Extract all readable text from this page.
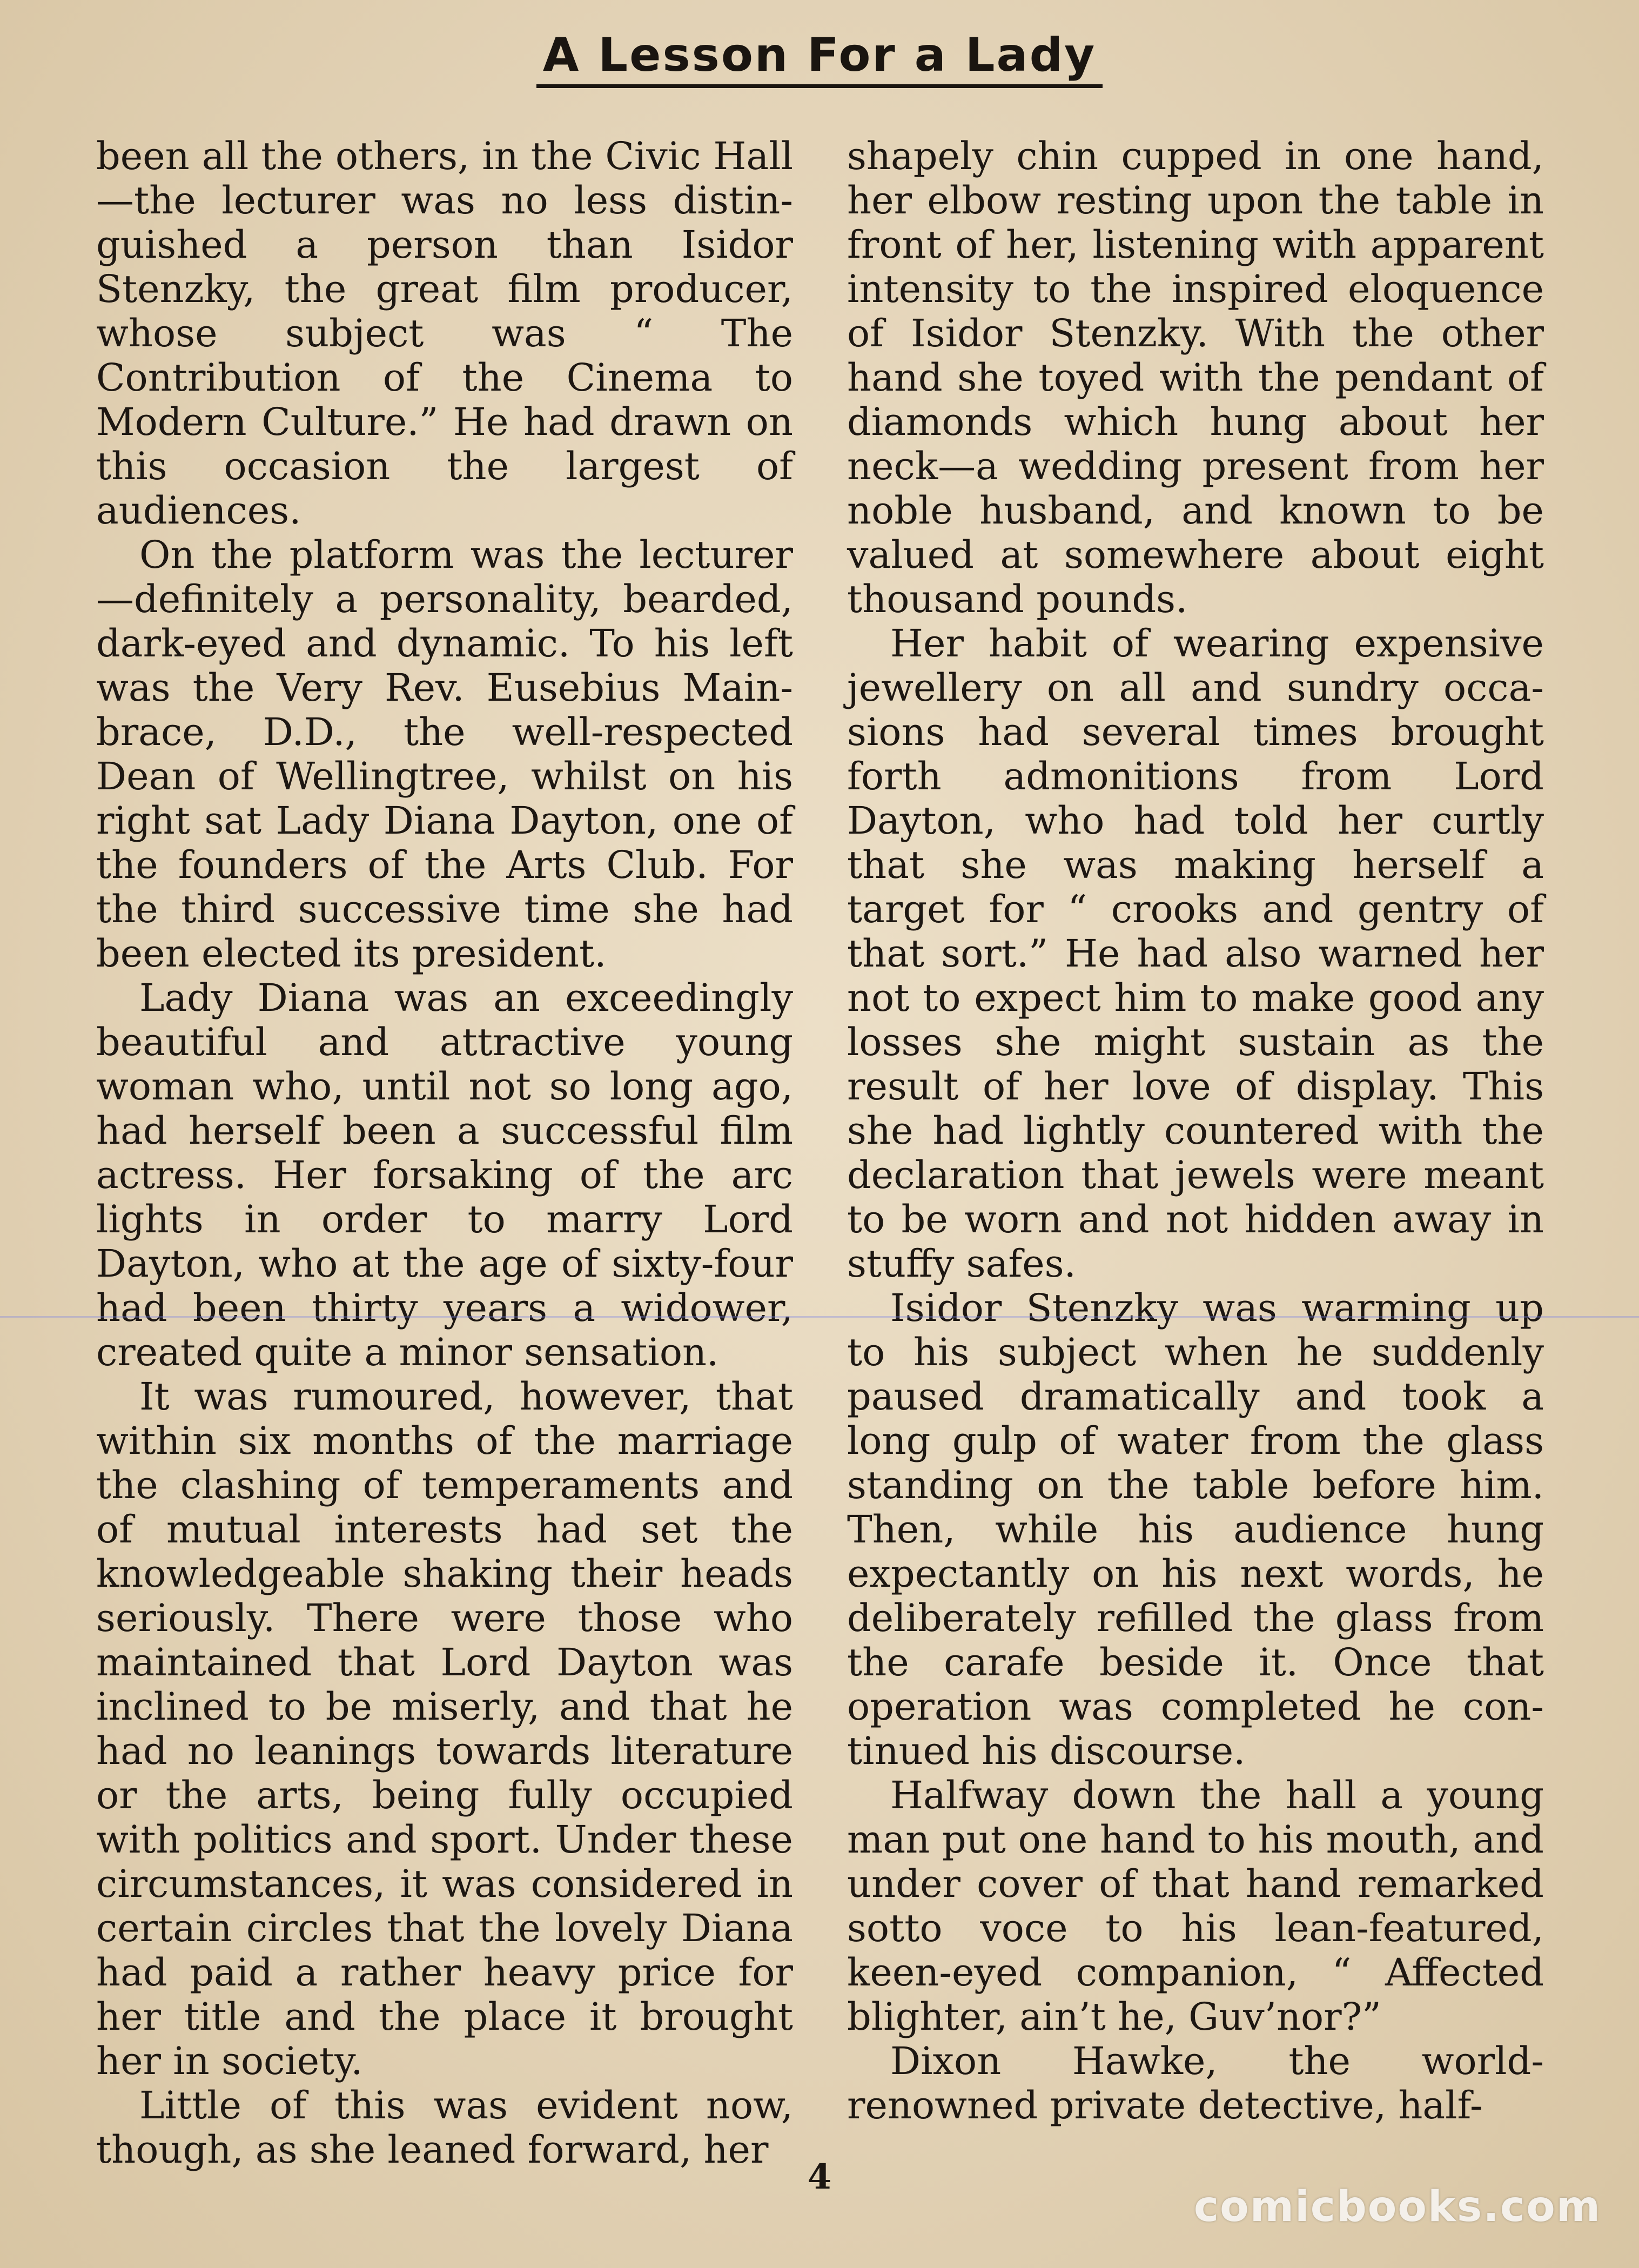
A Lesson For a Lady

been all the others, in the Civic Hall —the lecturer was no less distinguished a person than Isidor Stenzky, the great film producer, whose subject was “ The Contribution of the Cinema to Modern Culture.” He had drawn on this occasion the largest of audiences.

On the platform was the lecturer—definitely a personality, bearded, dark-eyed and dynamic. To his left was the Very Rev. Eusebius Mainbrace, D.D., the well-respected Dean of Wellingtree, whilst on his right sat Lady Diana Dayton, one of the founders of the Arts Club. For the third successive time she had been elected its president.

Lady Diana was an exceedingly beautiful and attractive young woman who, until not so long ago, had herself been a successful film actress. Her forsaking of the arc lights in order to marry Lord Dayton, who at the age of sixty-four had been thirty years a widower, created quite a minor sensation.

It was rumoured, however, that within six months of the marriage the clashing of temperaments and of mutual interests had set the knowledgeable shaking their heads seriously. There were those who maintained that Lord Dayton was inclined to be miserly, and that he had no leanings towards literature or the arts, being fully occupied with politics and sport. Under these circumstances, it was considered in certain circles that the lovely Diana had paid a rather heavy price for her title and the place it brought her in society.

Little of this was evident now, though, as she leaned forward, her

shapely chin cupped in one hand, her elbow resting upon the table in front of her, listening with apparent intensity to the inspired eloquence of Isidor Stenzky. With the other hand she toyed with the pendant of diamonds which hung about her neck—a wedding present from her noble husband, and known to be valued at somewhere about eight thousand pounds.

Her habit of wearing expensive jewellery on all and sundry occasions had several times brought forth admonitions from Lord Dayton, who had told her curtly that she was making herself a target for “ crooks and gentry of that sort.” He had also warned her not to expect him to make good any losses she might sustain as the result of her love of display. This she had lightly countered with the declaration that jewels were meant to be worn and not hidden away in stuffy safes.

Isidor Stenzky was warming up to his subject when he suddenly paused dramatically and took a long gulp of water from the glass standing on the table before him. Then, while his audience hung expectantly on his next words, he deliberately refilled the glass from the carafe beside it. Once that operation was completed he continued his discourse.

Halfway down the hall a young man put one hand to his mouth, and under cover of that hand remarked sotto voce to his lean-featured, keen-eyed companion, “ Affected blighter, ain’t he, Guv’nor?”

Dixon Hawke, the world-renowned private detective, half-

4
comicbooks.com
